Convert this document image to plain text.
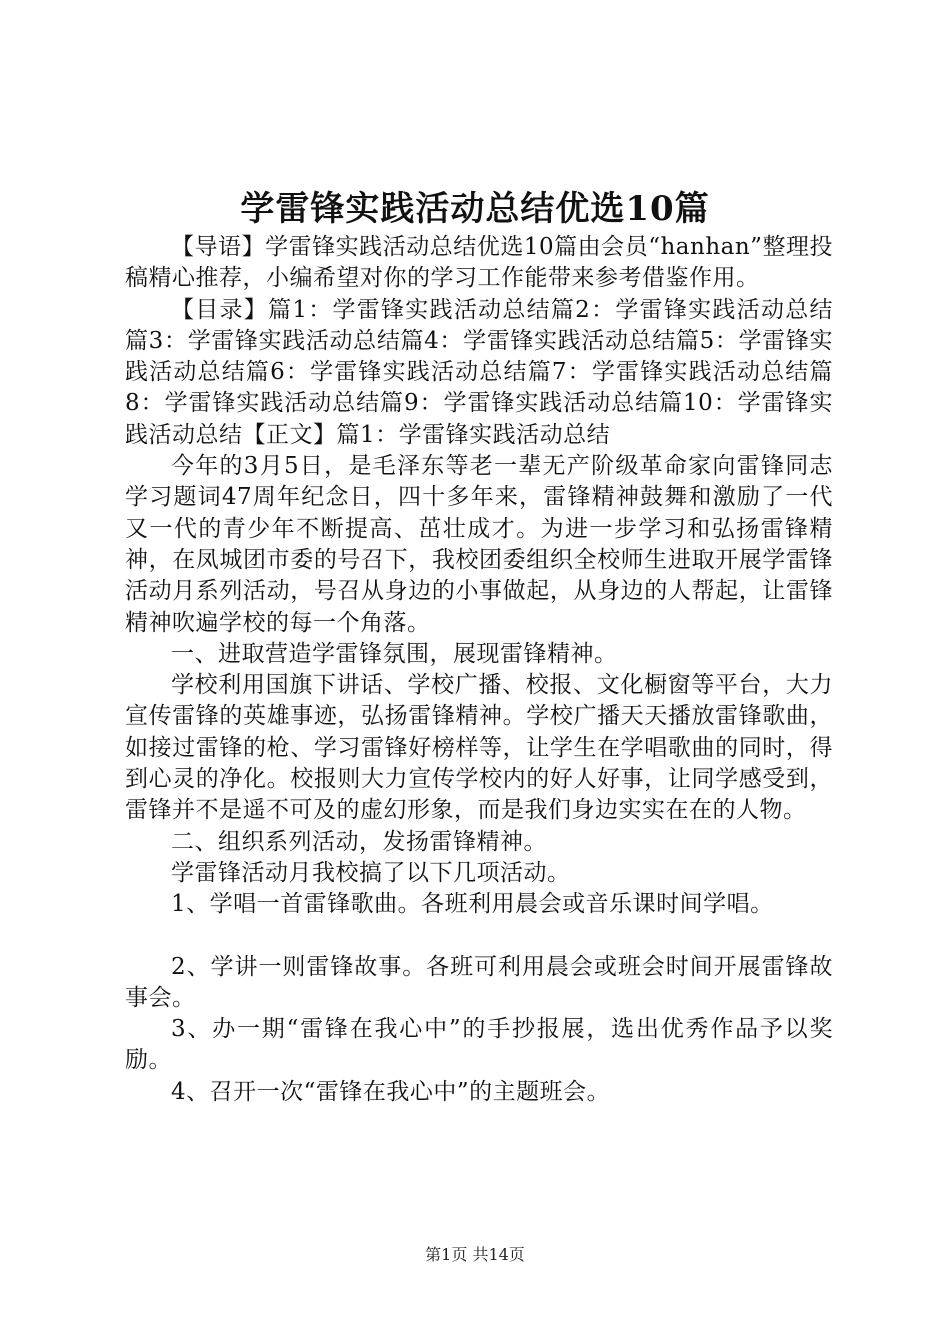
学雷锋实践活动总结优选10篇

【导语】学雷锋实践活动总结优选10篇由会员“hanhan”整理投稿精心推荐，小编希望对你的学习工作能带来参考借鉴作用。

【目录】篇1：学雷锋实践活动总结篇2：学雷锋实践活动总结篇3：学雷锋实践活动总结篇4：学雷锋实践活动总结篇5：学雷锋实践活动总结篇6：学雷锋实践活动总结篇7：学雷锋实践活动总结篇8：学雷锋实践活动总结篇9：学雷锋实践活动总结篇10：学雷锋实践活动总结【正文】篇1：学雷锋实践活动总结

今年的3月5日，是毛泽东等老一辈无产阶级革命家向雷锋同志学习题词47周年纪念日，四十多年来，雷锋精神鼓舞和激励了一代又一代的青少年不断提高、茁壮成才。为进一步学习和弘扬雷锋精神，在凤城团市委的号召下，我校团委组织全校师生进取开展学雷锋活动月系列活动，号召从身边的小事做起，从身边的人帮起，让雷锋精神吹遍学校的每一个角落。

一、进取营造学雷锋氛围，展现雷锋精神。

学校利用国旗下讲话、学校广播、校报、文化橱窗等平台，大力宣传雷锋的英雄事迹，弘扬雷锋精神。学校广播天天播放雷锋歌曲，如接过雷锋的枪、学习雷锋好榜样等，让学生在学唱歌曲的同时，得到心灵的净化。校报则大力宣传学校内的好人好事，让同学感受到，雷锋并不是遥不可及的虚幻形象，而是我们身边实实在在的人物。

二、组织系列活动，发扬雷锋精神。

学雷锋活动月我校搞了以下几项活动。

1、学唱一首雷锋歌曲。各班利用晨会或音乐课时间学唱。

2、学讲一则雷锋故事。各班可利用晨会或班会时间开展雷锋故事会。

3、办一期“雷锋在我心中”的手抄报展，选出优秀作品予以奖励。

4、召开一次“雷锋在我心中”的主题班会。

第1页 共14页
